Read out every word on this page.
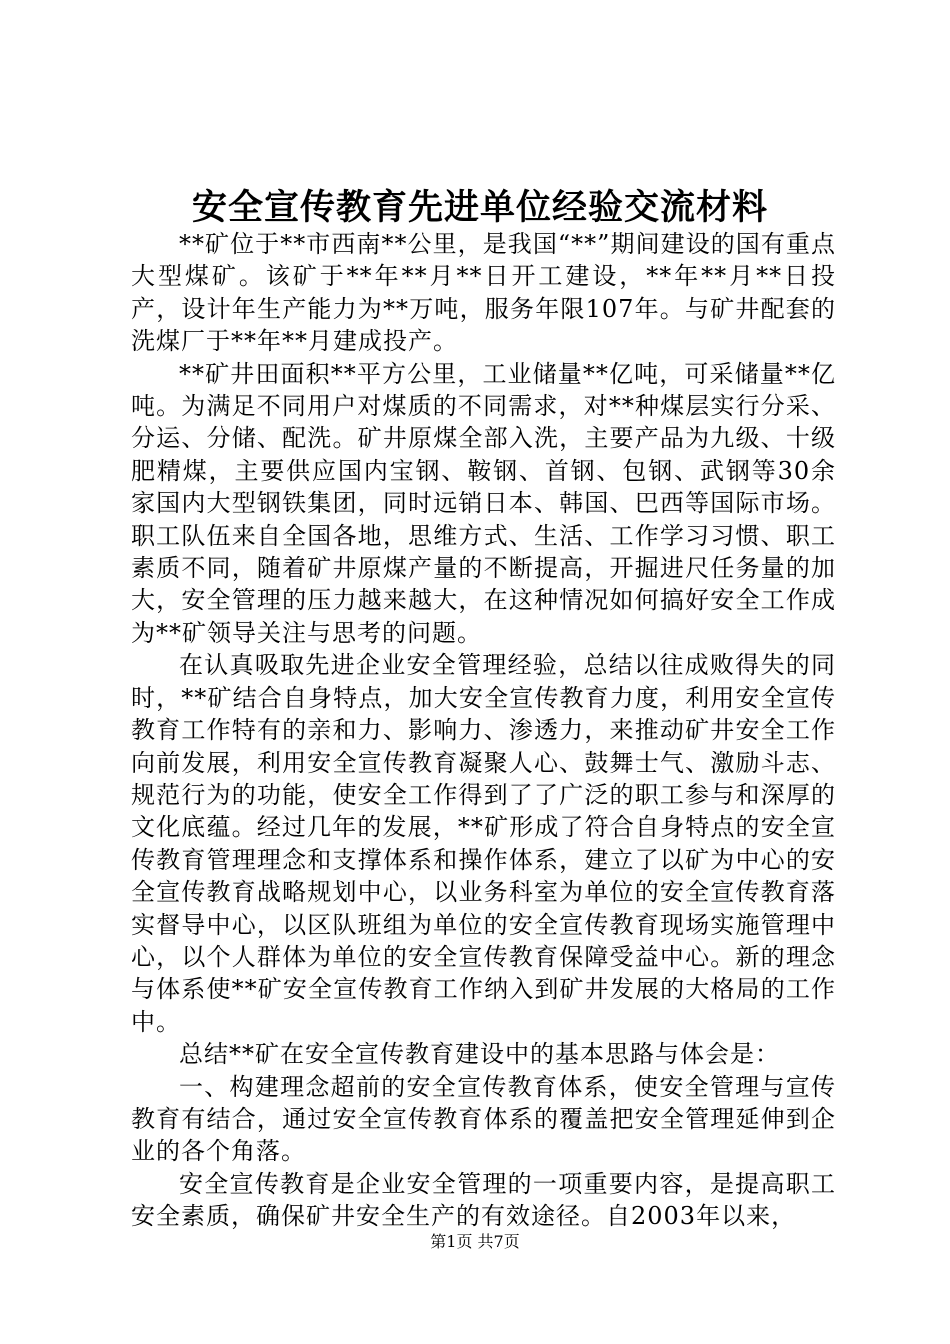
安全宣传教育先进单位经验交流材料

**矿位于**市西南**公里，是我国“**”期间建设的国有重点大型煤矿。该矿于**年**月**日开工建设，**年**月**日投产，设计年生产能力为**万吨，服务年限107年。与矿井配套的洗煤厂于**年**月建成投产。

**矿井田面积**平方公里，工业储量**亿吨，可采储量**亿吨。为满足不同用户对煤质的不同需求，对**种煤层实行分采、分运、分储、配洗。矿井原煤全部入洗，主要产品为九级、十级肥精煤，主要供应国内宝钢、鞍钢、首钢、包钢、武钢等30余家国内大型钢铁集团，同时远销日本、韩国、巴西等国际市场。职工队伍来自全国各地，思维方式、生活、工作学习习惯、职工素质不同，随着矿井原煤产量的不断提高，开掘进尺任务量的加大，安全管理的压力越来越大，在这种情况如何搞好安全工作成为**矿领导关注与思考的问题。

在认真吸取先进企业安全管理经验，总结以往成败得失的同时，**矿结合自身特点，加大安全宣传教育力度，利用安全宣传教育工作特有的亲和力、影响力、渗透力，来推动矿井安全工作向前发展，利用安全宣传教育凝聚人心、鼓舞士气、激励斗志、规范行为的功能，使安全工作得到了了广泛的职工参与和深厚的文化底蕴。经过几年的发展，**矿形成了符合自身特点的安全宣传教育管理理念和支撑体系和操作体系，建立了以矿为中心的安全宣传教育战略规划中心，以业务科室为单位的安全宣传教育落实督导中心，以区队班组为单位的安全宣传教育现场实施管理中心，以个人群体为单位的安全宣传教育保障受益中心。新的理念与体系使**矿安全宣传教育工作纳入到矿井发展的大格局的工作中。

总结**矿在安全宣传教育建设中的基本思路与体会是：

一、构建理念超前的安全宣传教育体系，使安全管理与宣传教育有结合，通过安全宣传教育体系的覆盖把安全管理延伸到企业的各个角落。

安全宣传教育是企业安全管理的一项重要内容，是提高职工安全素质，确保矿井安全生产的有效途径。自2003年以来，

第1页 共7页
